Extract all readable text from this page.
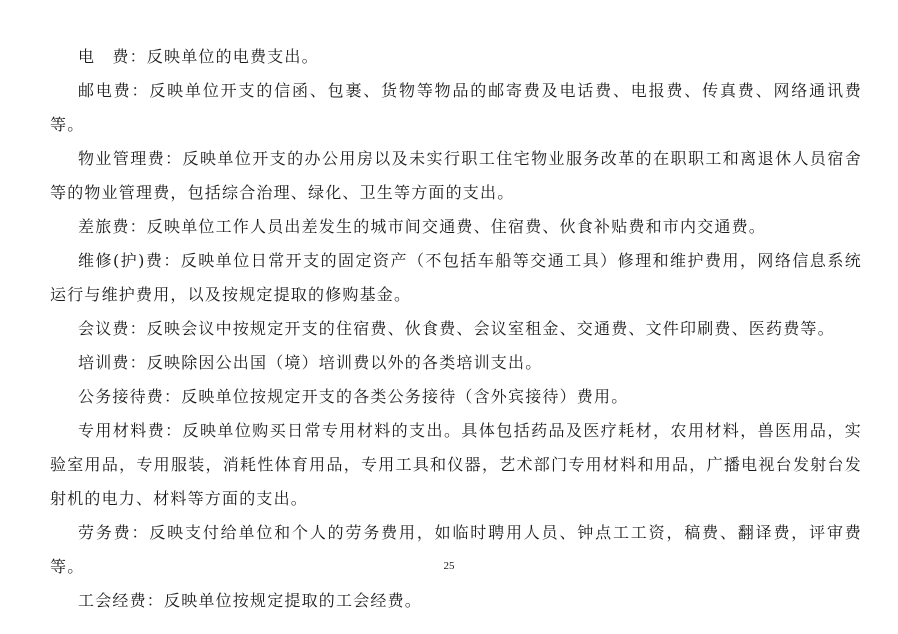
电　费：反映单位的电费支出。

邮电费：反映单位开支的信函、包裹、货物等物品的邮寄费及电话费、电报费、传真费、网络通讯费等。

物业管理费：反映单位开支的办公用房以及未实行职工住宅物业服务改革的在职职工和离退休人员宿舍等的物业管理费，包括综合治理、绿化、卫生等方面的支出。

差旅费：反映单位工作人员出差发生的城市间交通费、住宿费、伙食补贴费和市内交通费。

维修(护)费：反映单位日常开支的固定资产（不包括车船等交通工具）修理和维护费用，网络信息系统运行与维护费用，以及按规定提取的修购基金。

会议费：反映会议中按规定开支的住宿费、伙食费、会议室租金、交通费、文件印刷费、医药费等。

培训费：反映除因公出国（境）培训费以外的各类培训支出。

公务接待费：反映单位按规定开支的各类公务接待（含外宾接待）费用。

专用材料费：反映单位购买日常专用材料的支出。具体包括药品及医疗耗材，农用材料，兽医用品，实验室用品，专用服装，消耗性体育用品，专用工具和仪器，艺术部门专用材料和用品，广播电视台发射台发射机的电力、材料等方面的支出。

劳务费：反映支付给单位和个人的劳务费用，如临时聘用人员、钟点工工资，稿费、翻译费，评审费等。

工会经费：反映单位按规定提取的工会经费。

25
